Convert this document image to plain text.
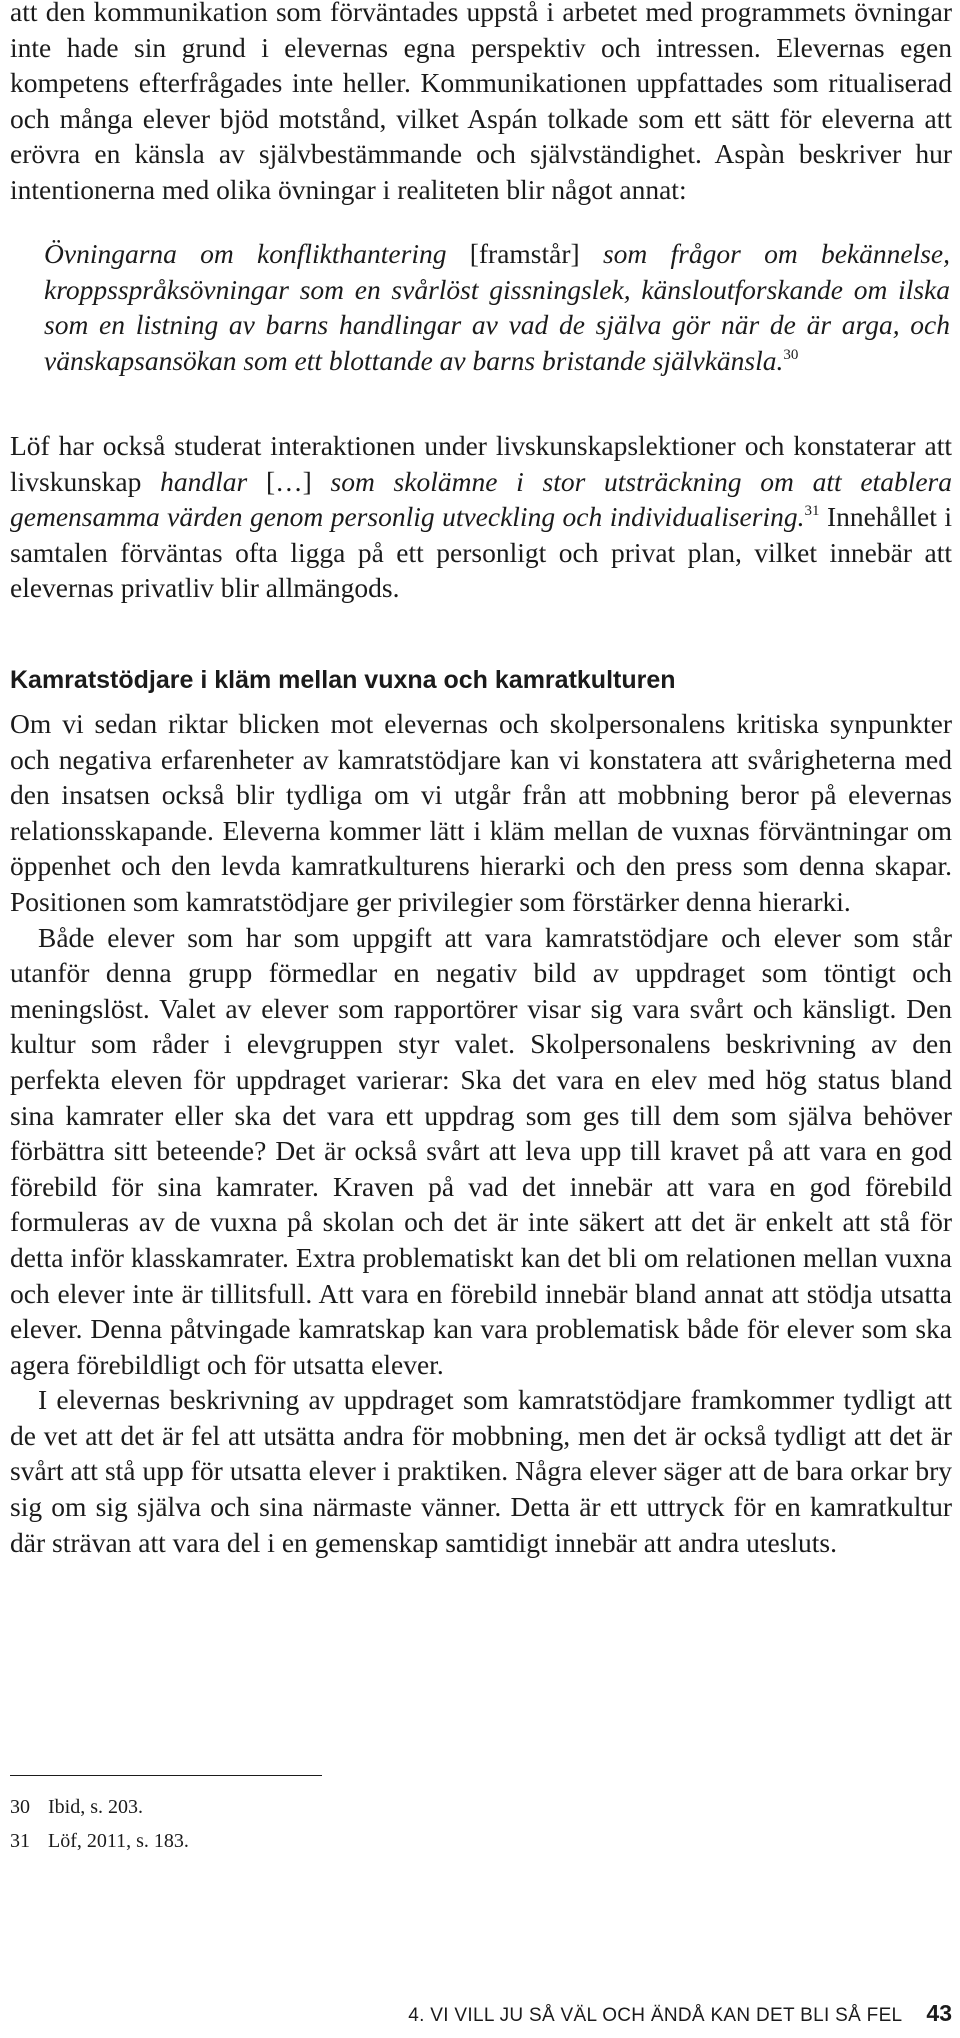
att den kommunikation som förväntades uppstå i arbetet med programmets övningar inte hade sin grund i elevernas egna perspektiv och intressen. Elevernas egen kompetens efterfrågades inte heller. Kommunikationen uppfattades som ritualiserad och många elever bjöd motstånd, vilket Aspán tolkade som ett sätt för eleverna att erövra en känsla av självbestämmande och självständighet. Aspàn beskriver hur intentionerna med olika övningar i realiteten blir något annat:

Övningarna om konflikthantering [framstår] som frågor om bekännelse, kroppsspråksövningar som en svårlöst gissningslek, känsloutforskande om ilska som en listning av barns handlingar av vad de själva gör när de är arga, och vänskapsansökan som ett blottande av barns bristande självkänsla.$^{30}$

Löf har också studerat interaktionen under livskunskapslektioner och konstaterar att livskunskap handlar […] som skolämne i stor utsträckning om att etablera gemensamma värden genom personlig utveckling och individualisering.$^{31}$ Innehållet i samtalen förväntas ofta ligga på ett personligt och privat plan, vilket innebär att elevernas privatliv blir allmängods.

Kamratstödjare i kläm mellan vuxna och kamratkulturen

Om vi sedan riktar blicken mot elevernas och skolpersonalens kritiska synpunkter och negativa erfarenheter av kamratstödjare kan vi konstatera att svårigheterna med den insatsen också blir tydliga om vi utgår från att mobbning beror på elevernas relationsskapande. Eleverna kommer lätt i kläm mellan de vuxnas förväntningar om öppenhet och den levda kamratkulturens hierarki och den press som denna skapar. Positionen som kamratstödjare ger privilegier som förstärker denna hierarki.

Både elever som har som uppgift att vara kamratstödjare och elever som står utanför denna grupp förmedlar en negativ bild av uppdraget som töntigt och meningslöst. Valet av elever som rapportörer visar sig vara svårt och känsligt. Den kultur som råder i elevgruppen styr valet. Skolpersonalens beskrivning av den perfekta eleven för uppdraget varierar: Ska det vara en elev med hög status bland sina kamrater eller ska det vara ett uppdrag som ges till dem som själva behöver förbättra sitt beteende? Det är också svårt att leva upp till kravet på att vara en god förebild för sina kamrater. Kraven på vad det innebär att vara en god förebild formuleras av de vuxna på skolan och det är inte säkert att det är enkelt att stå för detta inför klasskamrater. Extra problematiskt kan det bli om relationen mellan vuxna och elever inte är tillitsfull. Att vara en förebild innebär bland annat att stödja utsatta elever. Denna påtvingade kamratskap kan vara problematisk både för elever som ska agera förebildligt och för utsatta elever.

I elevernas beskrivning av uppdraget som kamratstödjare framkommer tydligt att de vet att det är fel att utsätta andra för mobbning, men det är också tydligt att det är svårt att stå upp för utsatta elever i praktiken. Några elever säger att de bara orkar bry sig om sig själva och sina närmaste vänner. Detta är ett uttryck för en kamratkultur där strävan att vara del i en gemenskap samtidigt innebär att andra utesluts.

30 Ibid, s. 203.
31 Löf, 2011, s. 183.
4. VI VILL JU SÅ VÄL OCH ÄNDÅ KAN DET BLI SÅ FEL 43
